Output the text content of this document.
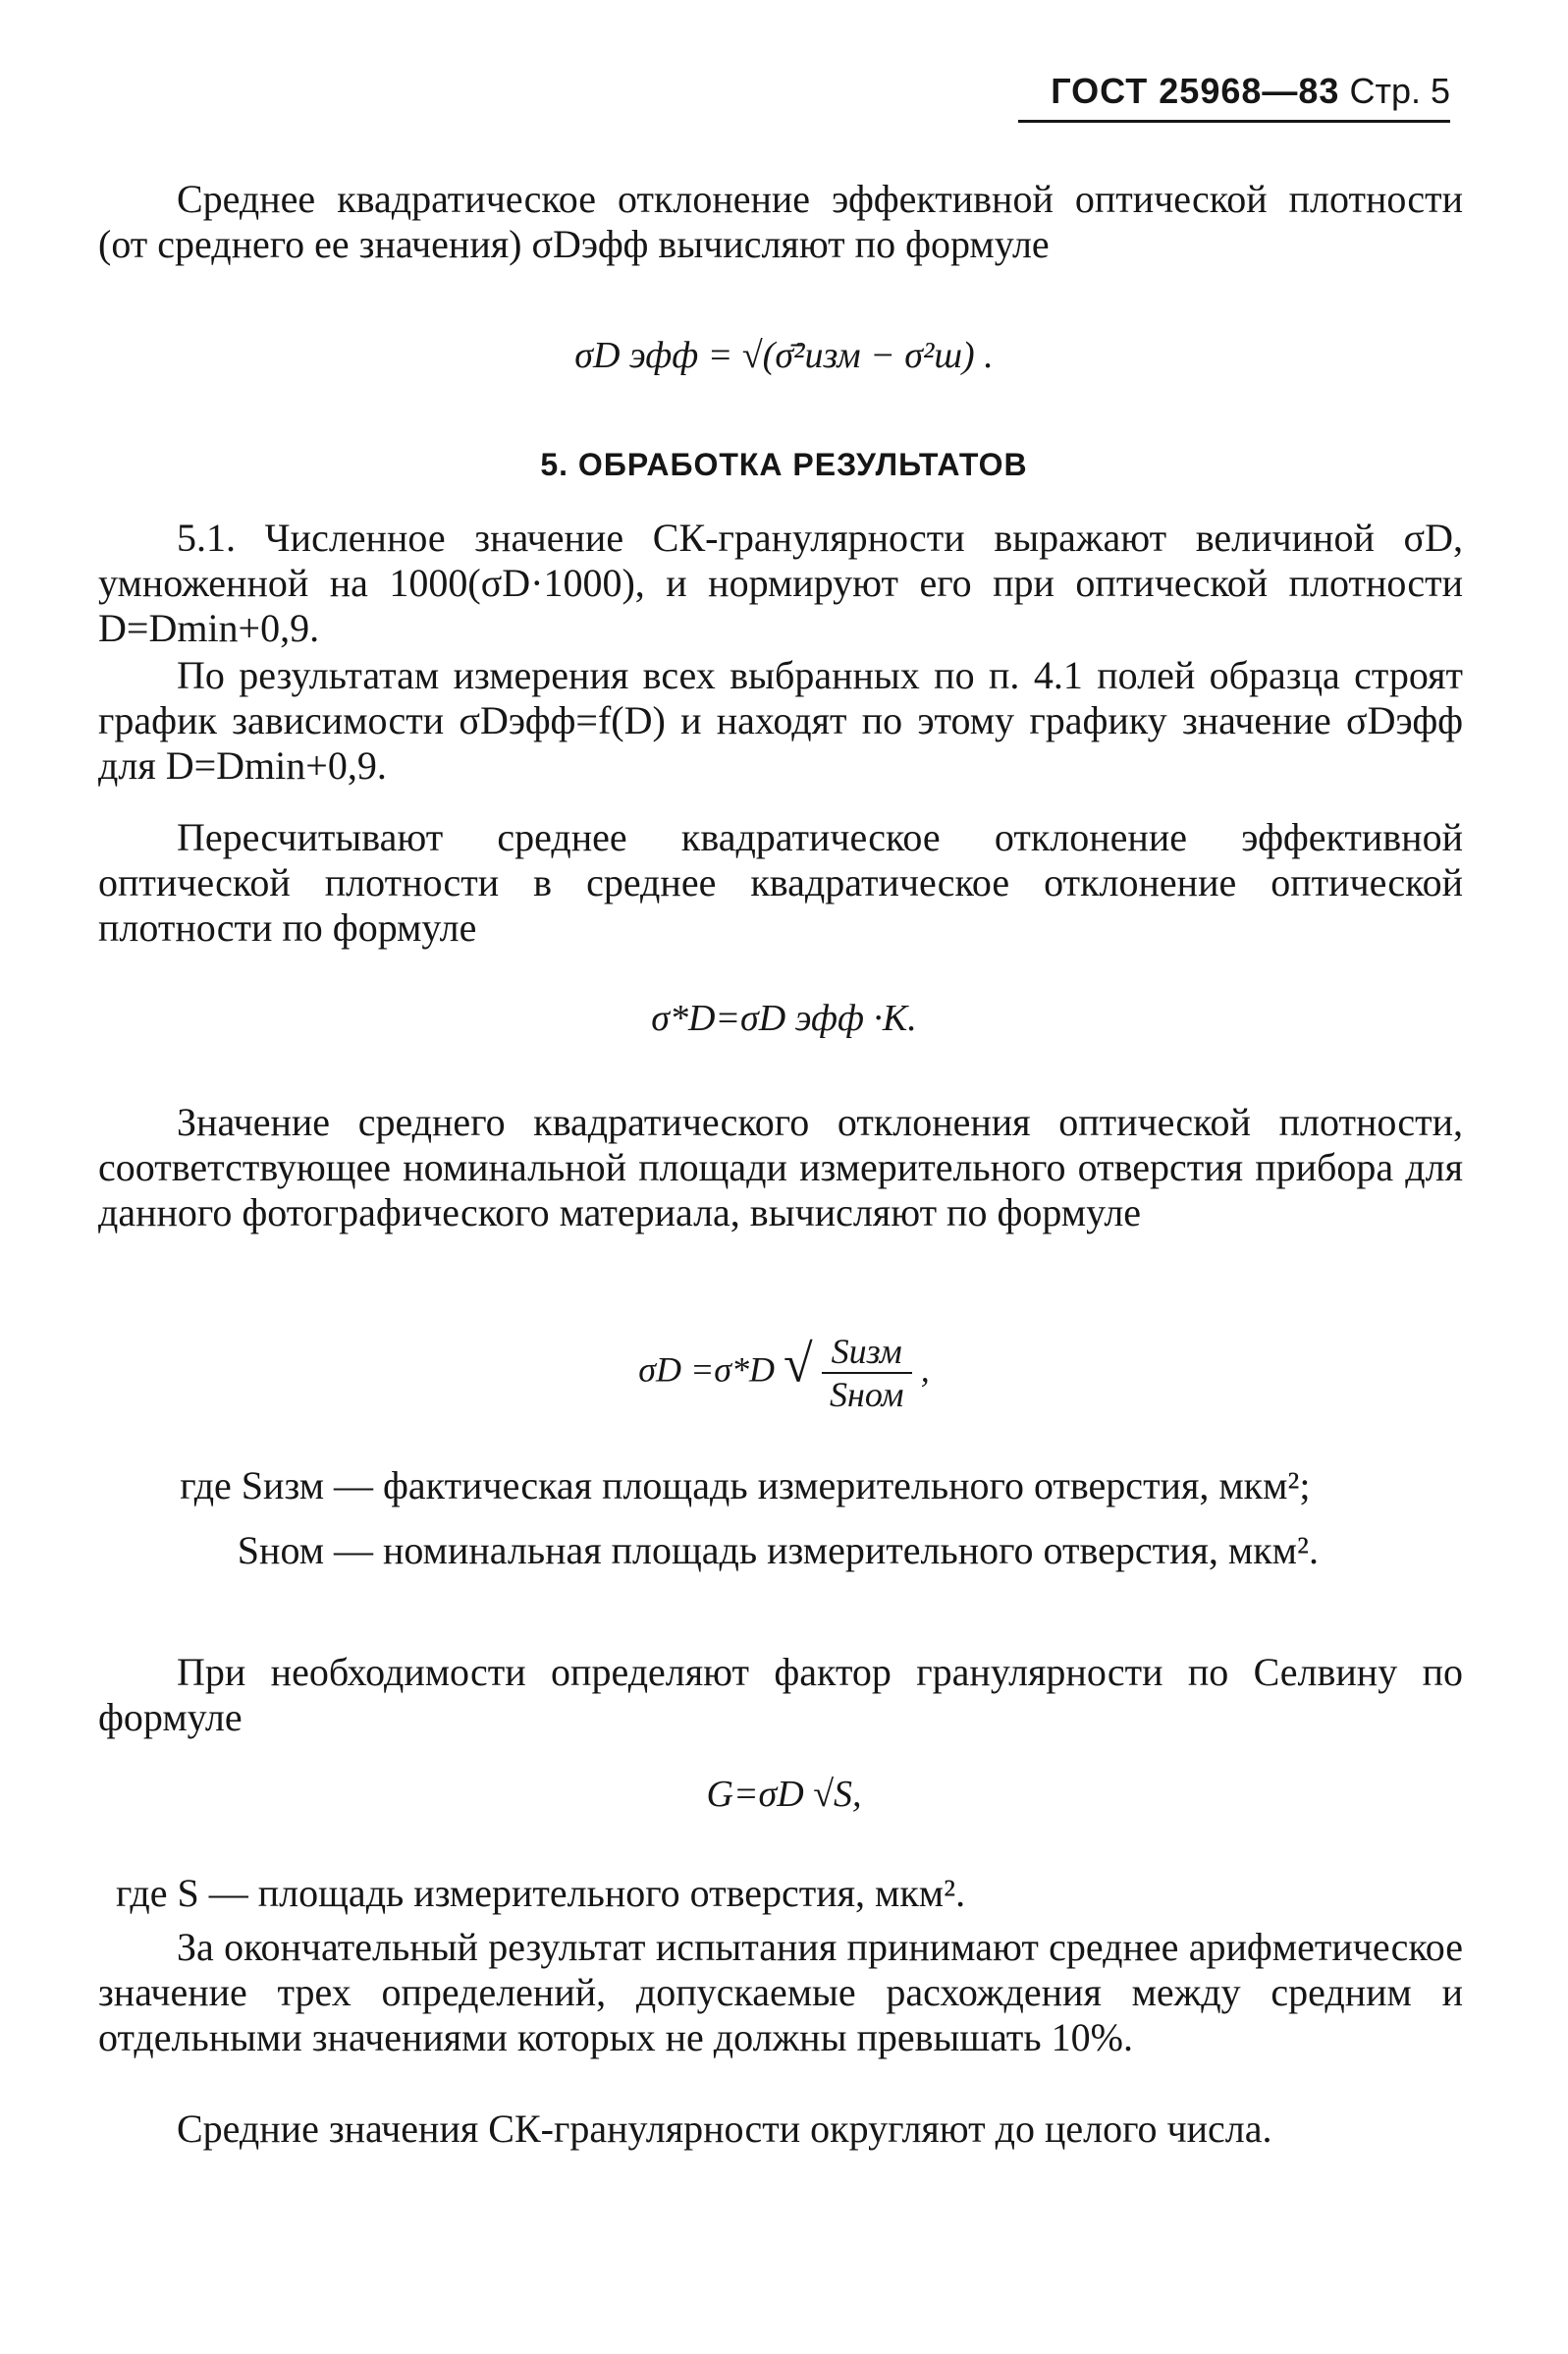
ГОСТ 25968—83 Стр. 5
Среднее квадратическое отклонение эффективной оптической плотности (от среднего ее значения) σDэфф вычисляют по формуле
σD эфф = √(σ̄²изм − σ²ш) .
5. ОБРАБОТКА РЕЗУЛЬТАТОВ
5.1. Численное значение СК-гранулярности выражают величиной σD, умноженной на 1000(σD·1000), и нормируют его при оптической плотности D=Dmin+0,9.
По результатам измерения всех выбранных по п. 4.1 полей образца строят график зависимости σDэфф=f(D) и находят по этому графику значение σDэфф для D=Dmin+0,9.
Пересчитывают среднее квадратическое отклонение эффективной оптической плотности в среднее квадратическое отклонение оптической плотности по формуле
σ*D=σD эфф ·K.
Значение среднего квадратического отклонения оптической плотности, соответствующее номинальной площади измерительного отверстия прибора для данного фотографического материала, вычисляют по формуле
σD =σ*D √ $\frac{\text{Sизм}}{\text{Sном}}$ ,
где Sизм — фактическая площадь измерительного отверстия, мкм²;
Sном — номинальная площадь измерительного отверстия, мкм².
При необходимости определяют фактор гранулярности по Селвину по формуле
G=σD √S,
где S — площадь измерительного отверстия, мкм².
За окончательный результат испытания принимают среднее арифметическое значение трех определений, допускаемые расхождения между средним и отдельными значениями которых не должны превышать 10%.
Средние значения СК-гранулярности округляют до целого числа.
